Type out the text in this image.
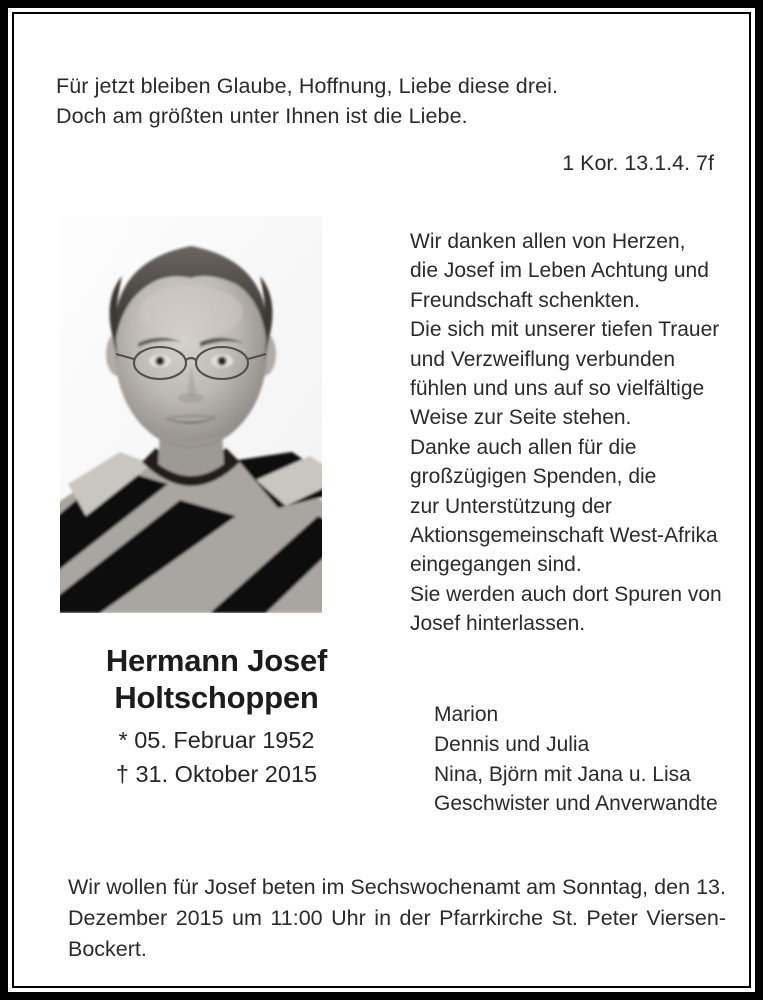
Für jetzt bleiben Glaube, Hoffnung, Liebe diese drei.
Doch am größten unter Ihnen ist die Liebe.
1 Kor. 13.1.4. 7f
Hermann Josef
Holtschoppen
* 05. Februar 1952
† 31. Oktober 2015
Wir danken allen von Herzen,
die Josef im Leben Achtung und
Freundschaft schenkten.
Die sich mit unserer tiefen Trauer
und Verzweiflung verbunden
fühlen und uns auf so vielfältige
Weise zur Seite stehen.
Danke auch allen für die
großzügigen Spenden, die
zur Unterstützung der
Aktionsgemeinschaft West-Afrika
eingegangen sind.
Sie werden auch dort Spuren von
Josef hinterlassen.
Marion
Dennis und Julia
Nina, Björn mit Jana u. Lisa
Geschwister und Anverwandte
Wir wollen für Josef beten im Sechswochenamt am Sonntag, den 13. Dezember 2015 um 11:00 Uhr in der Pfarrkirche St. Peter Viersen-Bockert.
